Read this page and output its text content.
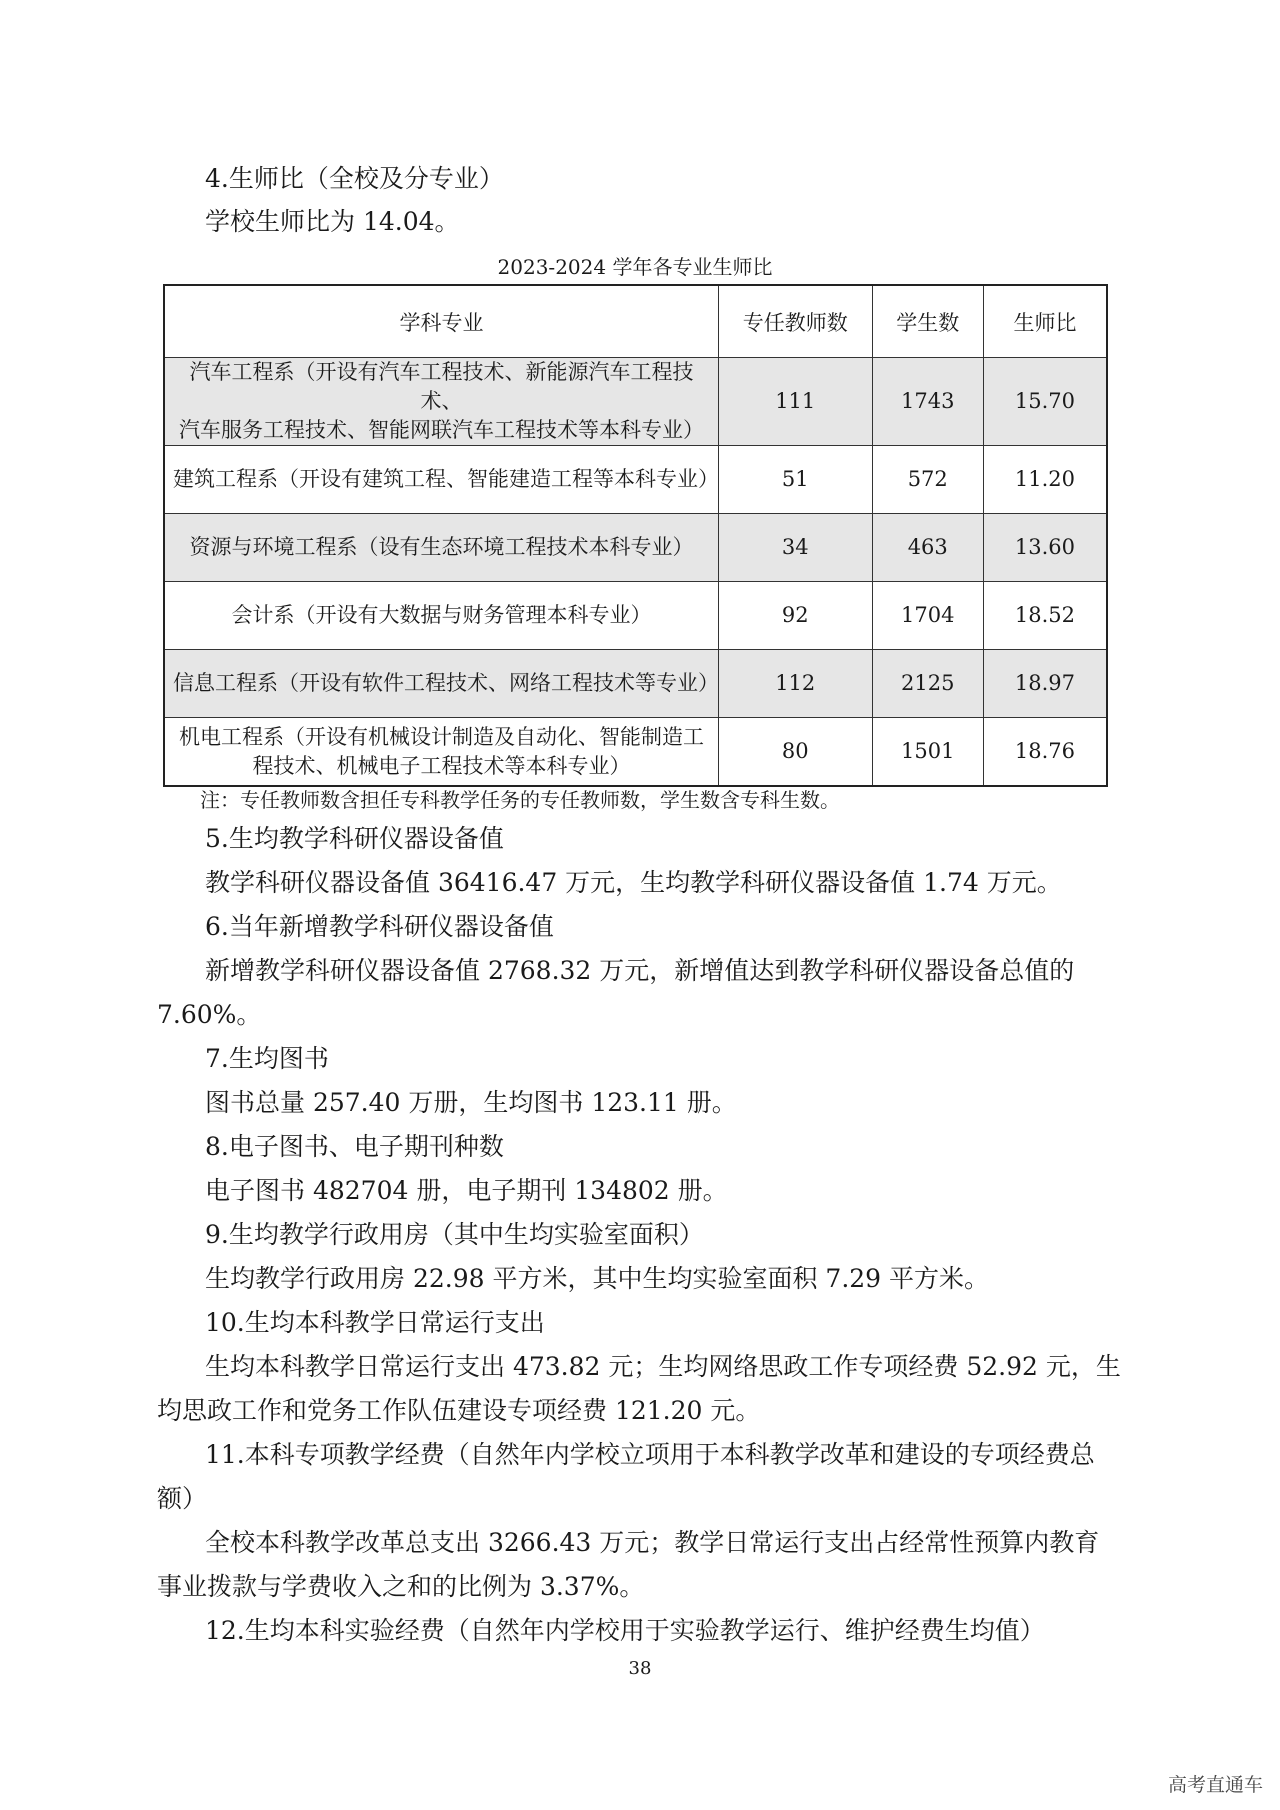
4.生师比（全校及分专业）
学校生师比为 14.04。
2023-2024 学年各专业生师比
学科专业	专任教师数	学生数	生师比
汽车工程系（开设有汽车工程技术、新能源汽车工程技术、
汽车服务工程技术、智能网联汽车工程技术等本科专业）	111	1743	15.70
建筑工程系（开设有建筑工程、智能建造工程等本科专业）	51	572	11.20
资源与环境工程系（设有生态环境工程技术本科专业）	34	463	13.60
会计系（开设有大数据与财务管理本科专业）	92	1704	18.52
信息工程系（开设有软件工程技术、网络工程技术等专业）	112	2125	18.97
机电工程系（开设有机械设计制造及自动化、智能制造工
程技术、机械电子工程技术等本科专业）	80	1501	18.76
注：专任教师数含担任专科教学任务的专任教师数，学生数含专科生数。
5.生均教学科研仪器设备值
教学科研仪器设备值 36416.47 万元，生均教学科研仪器设备值 1.74 万元。
6.当年新增教学科研仪器设备值
新增教学科研仪器设备值 2768.32 万元，新增值达到教学科研仪器设备总值的
7.60%。
7.生均图书
图书总量 257.40 万册，生均图书 123.11 册。
8.电子图书、电子期刊种数
电子图书 482704 册，电子期刊 134802 册。
9.生均教学行政用房（其中生均实验室面积）
生均教学行政用房 22.98 平方米，其中生均实验室面积 7.29 平方米。
10.生均本科教学日常运行支出
生均本科教学日常运行支出 473.82 元；生均网络思政工作专项经费 52.92 元，生
均思政工作和党务工作队伍建设专项经费 121.20 元。
11.本科专项教学经费（自然年内学校立项用于本科教学改革和建设的专项经费总
额）
全校本科教学改革总支出 3266.43 万元；教学日常运行支出占经常性预算内教育
事业拨款与学费收入之和的比例为 3.37%。
12.生均本科实验经费（自然年内学校用于实验教学运行、维护经费生均值）
38
高考直通车
